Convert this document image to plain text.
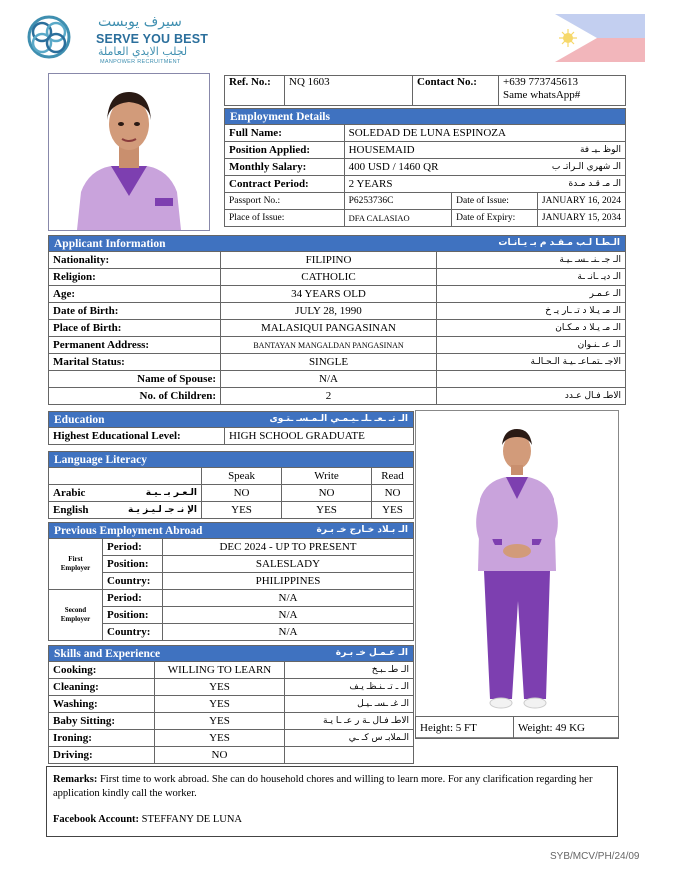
سيرف يوبست
SERVE YOU BEST
لجلب الايدي العاملة
MANPOWER RECRUITMENT
Ref. No.:	NQ 1603	Contact No.:	+639 773745613
Same whatsApp#
Employment Details			
Full Name:	SOLEDAD DE LUNA ESPINOZA		
Position Applied:	HOUSEMAID		الوظ ـيـ فة
Monthly Salary:	400 USD / 1460 QR		الـ شهري الـراتـ ب
Contract Period:	2 YEARS		الـ مـ قـد مـدة
Passport No.:	P6253736C	Date of Issue:	JANUARY 16, 2024
Place of Issue:	DFA CALASIAO	Date of Expiry:	JANUARY 15, 2034
Applicant Information الـطـا لـب مـقـد م بـ يـانـات		

Nationality:	FILIPINO	الـ جـ ـنـ ـسـ ـيـة
Religion:	CATHOLIC	الـ ديـ ـانـ ـة
Age:	34 YEARS OLD	الـ عـمـر
Date of Birth:	JULY 28, 1990	الـ مـ يـلا د تـ ـار يـ خ
Place of Birth:	MALASIQUI PANGASINAN	الـ مـ يـلا د مـكـان
Permanent Address:	BANTAYAN MANGALDAN PANGASINAN	الـ عـ ـنـوان
Marital Status:	SINGLE	الاجـ ـتمـاعـ ـيـة الـحـالـة
Name of Spouse:	N/A	
No. of Children:	2	الاطـ فـال عـدد
Education	الـ تـ ـعـ ـلـ ـيـمـي الـمـسـ ـتـوى

Highest Educational Level:	HIGH SCHOOL GRADUATE
Language Literacy				
		Speak	Write	Read
Arabic	الـعـر بـ ـيـة	NO	NO	NO
English	الإ نـ جـ لـيـز يـة	YES	YES	YES
Previous Employment Abroad الـ بـلاد خـارج خـ بـرة		

First Employer	Period:	DEC 2024 - UP TO PRESENT
	Position:	SALESLADY
	Country:	PHILIPPINES
Second Employer	Period:	N/A
	Position:	N/A
	Country:	N/A
Skills and Experience الـ عـمـل خـ بـرة		

Cooking:	WILLING TO LEARN	الـ طـ ـبـخ
Cleaning:	YES	الـ ـ تـ ـنـظـ يـف
Washing:	YES	الـ غـ ـسـ ـيـل
Baby Sitting:	YES	الاطـ فـال ـة ر عـ ـا يـة
Ironing:	YES	الـملابـ س كـ ـي
Driving:	NO	
Height: 5 FT	Weight: 49 KG

Remarks: First time to work abroad. She can do household chores and willing to learn more. For any clarification regarding her application kindly call the worker.

Facebook Account: STEFFANY DE LUNA

SYB/MCV/PH/24/09
